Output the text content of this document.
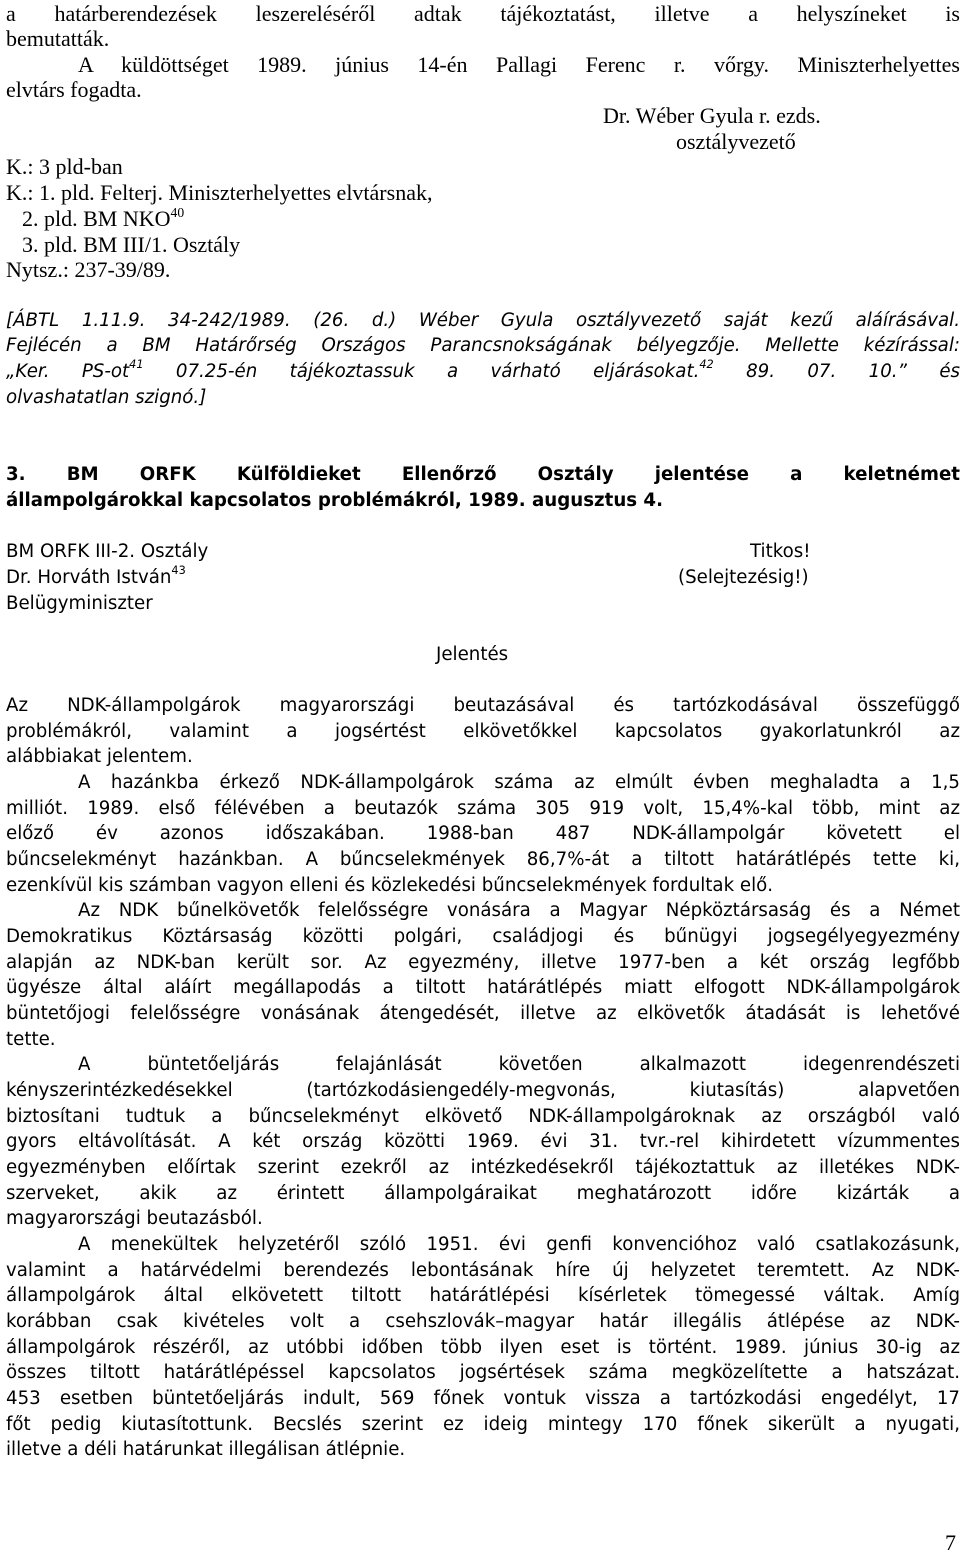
a határberendezések leszereléséről adtak tájékoztatást, illetve a helyszíneket is
bemutatták.
A küldöttséget 1989. június 14-én Pallagi Ferenc r. vőrgy. Miniszterhelyettes
elvtárs fogadta.
Dr. Wéber Gyula r. ezds.
osztályvezető
K.: 3 pld-ban
K.: 1. pld. Felterj. Miniszterhelyettes elvtársnak,
2. pld. BM NKO$^{40}$
3. pld. BM III/1. Osztály
Nytsz.: 237-39/89.
[ÁBTL 1.11.9. 34-242/1989. (26. d.) Wéber Gyula osztályvezető saját kezű aláírásával.
Fejlécén a BM Határőrség Országos Parancsnokságának bélyegzője. Mellette kézírással:
„Ker. $PS-ot^{41}$ 07.25-én tájékoztassuk a várható eljárásokat.$^{42}$ 89. 07. 10.” és
olvashatatlan szignó.]
3. BM ORFK Külföldieket Ellenőrző Osztály jelentése a keletnémet
állampolgárokkal kapcsolatos problémákról, 1989. augusztus 4.
BM ORFK III-2. Osztály
Dr. Horváth István$^{43}$
Belügyminiszter
Titkos!
(Selejtezésig!)
Jelentés
Az NDK-állampolgárok magyarországi beutazásával és tartózkodásával összefüggő
problémákról, valamint a jogsértést elkövetőkkel kapcsolatos gyakorlatunkról az
alábbiakat jelentem.
A hazánkba érkező NDK-állampolgárok száma az elmúlt évben meghaladta a 1,5
milliót. 1989. első félévében a beutazók száma 305 919 volt, 15,4%-kal több, mint az
előző év azonos időszakában. 1988-ban 487 NDK-állampolgár követett el
bűncselekményt hazánkban. A bűncselekmények 86,7%-át a tiltott határátlépés tette ki,
ezenkívül kis számban vagyon elleni és közlekedési bűncselekmények fordultak elő.
Az NDK bűnelkövetők felelősségre vonására a Magyar Népköztársaság és a Német
Demokratikus Köztársaság közötti polgári, családjogi és bűnügyi jogsegélyegyezmény
alapján az NDK-ban került sor. Az egyezmény, illetve 1977-ben a két ország legfőbb
ügyésze által aláírt megállapodás a tiltott határátlépés miatt elfogott NDK-állampolgárok
büntetőjogi felelősségre vonásának átengedését, illetve az elkövetők átadását is lehetővé
tette.
A büntetőeljárás felajánlását követően alkalmazott idegenrendészeti
kényszerintézkedésekkel (tartózkodásiengedély-megvonás, kiutasítás) alapvetően
biztosítani tudtuk a bűncselekményt elkövető NDK-állampolgároknak az országból való
gyors eltávolítását. A két ország közötti 1969. évi 31. tvr.-rel kihirdetett vízummentes
egyezményben előírtak szerint ezekről az intézkedésekről tájékoztattuk az illetékes NDK-
szerveket, akik az érintett állampolgáraikat meghatározott időre kizárták a
magyarországi beutazásból.
A menekültek helyzetéről szóló 1951. évi genfi konvencióhoz való csatlakozásunk,
valamint a határvédelmi berendezés lebontásának híre új helyzetet teremtett. Az NDK-
állampolgárok által elkövetett tiltott határátlépési kísérletek tömegessé váltak. Amíg
korábban csak kivételes volt a csehszlovák–magyar határ illegális átlépése az NDK-
állampolgárok részéről, az utóbbi időben több ilyen eset is történt. 1989. június 30-ig az
összes tiltott határátlépéssel kapcsolatos jogsértések száma megközelítette a hatszázat.
453 esetben büntetőeljárás indult, 569 főnek vontuk vissza a tartózkodási engedélyt, 17
főt pedig kiutasítottunk. Becslés szerint ez ideig mintegy 170 főnek sikerült a nyugati,
illetve a déli határunkat illegálisan átlépnie.
7
